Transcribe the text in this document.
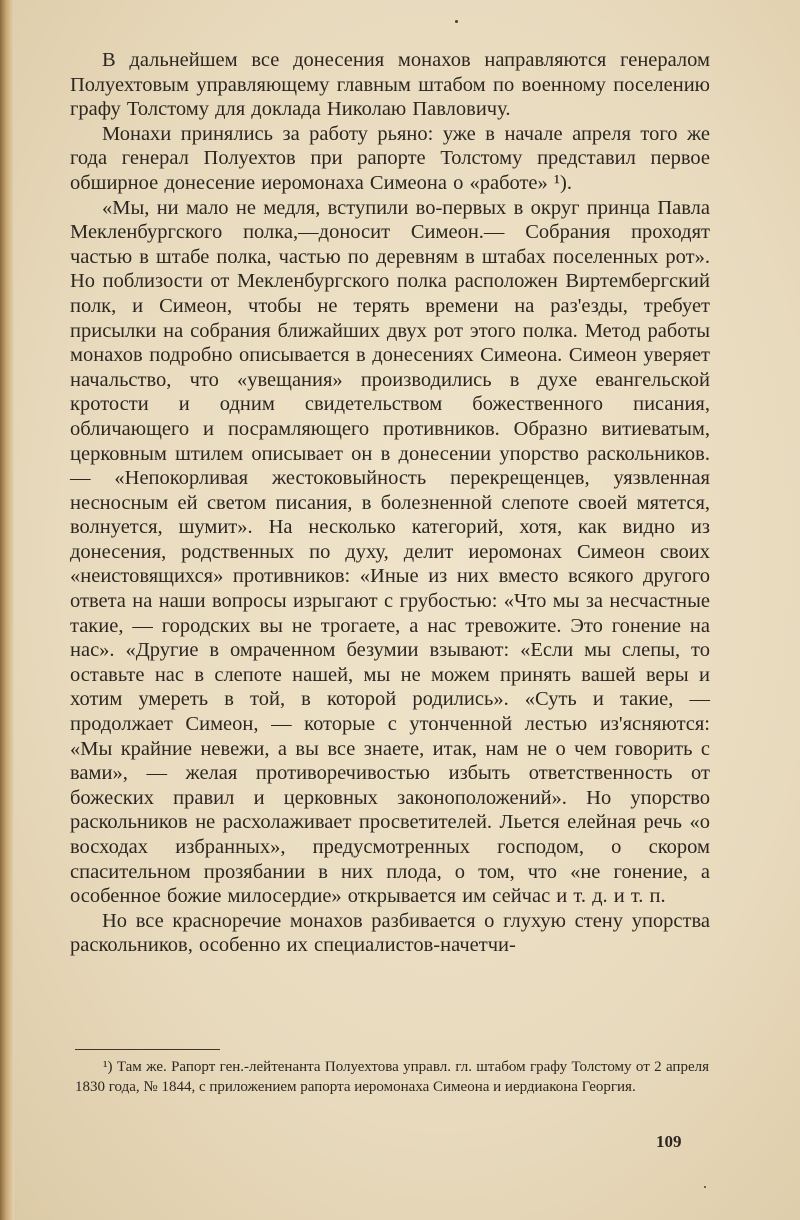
В дальнейшем все донесения монахов направляются генералом Полуехтовым управляющему главным штабом по военному поселению графу Толстому для доклада Николаю Павловичу.

Монахи принялись за работу рьяно: уже в начале апреля того же года генерал Полуехтов при рапорте Толстому представил первое обширное донесение иеромонаха Симеона о «работе» ¹).

«Мы, ни мало не медля, вступили во-первых в округ принца Павла Мекленбургского полка,—доносит Симеон.— Собрания проходят частью в штабе полка, частью по деревням в штабах поселенных рот». Но поблизости от Мекленбургского полка расположен Виртембергский полк, и Симеон, чтобы не терять времени на раз'езды, требует присылки на собрания ближайших двух рот этого полка. Метод работы монахов подробно описывается в донесениях Симеона. Симеон уверяет начальство, что «увещания» производились в духе евангельской кротости и одним свидетельством божественного писания, обличающего и посрамляющего противников. Образно витиеватым, церковным штилем описывает он в донесении упорство раскольников. — «Непокорливая жестоковыйность перекрещенцев, уязвленная несносным ей светом писания, в болезненной слепоте своей мятется, волнуется, шумит». На несколько категорий, хотя, как видно из донесения, родственных по духу, делит иеромонах Симеон своих «неистовящихся» противников: «Иные из них вместо всякого другого ответа на наши вопросы изрыгают с грубостью: «Что мы за несчастные такие, — городских вы не трогаете, а нас тревожите. Это гонение на нас». «Другие в омраченном безумии взывают: «Если мы слепы, то оставьте нас в слепоте нашей, мы не можем принять вашей веры и хотим умереть в той, в которой родились». «Суть и такие, — продолжает Симеон, — которые с утонченной лестью из'ясняются: «Мы крайние невежи, а вы все знаете, итак, нам не о чем говорить с вами», — желая противоречивостью избыть ответственность от божеских правил и церковных законоположений». Но упорство раскольников не расхолаживает просветителей. Льется елейная речь «о восходах избранных», предусмотренных господом, о скором спасительном прозябании в них плода, о том, что «не гонение, а особенное божие милосердие» открывается им сейчас и т. д. и т. п.

Но все красноречие монахов разбивается о глухую стену упорства раскольников, особенно их специалистов-начетчи-

¹) Там же. Рапорт ген.-лейтенанта Полуехтова управл. гл. штабом графу Толстому от 2 апреля 1830 года, № 1844, с приложением рапорта иеромонаха Симеона и иердиакона Георгия.

109
